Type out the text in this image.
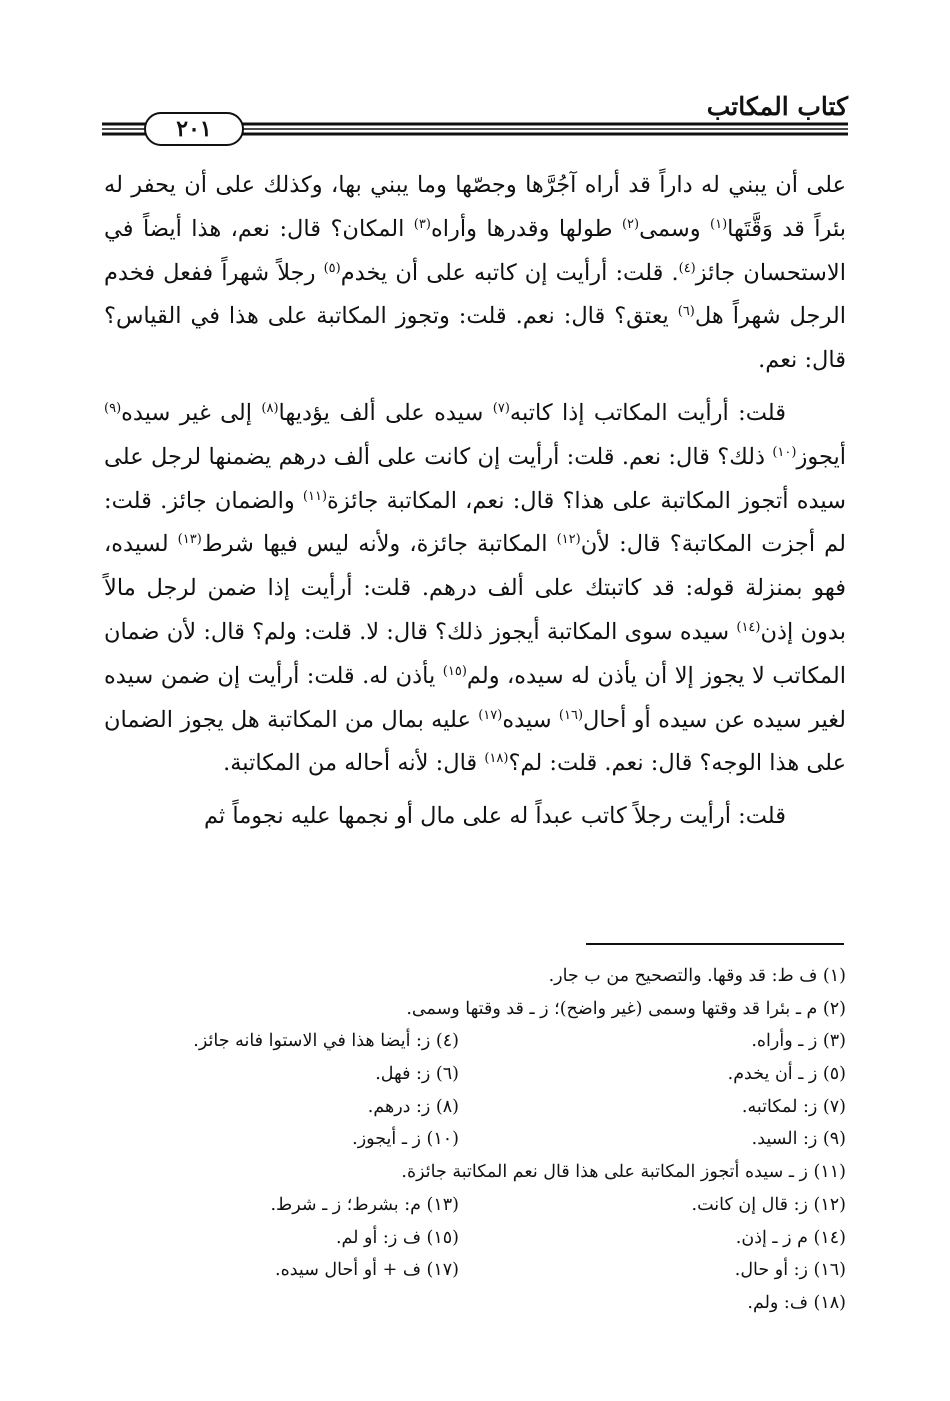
كتاب المكاتب
٢٠١

على أن يبني له داراً قد أراه آجُرَّها وجصّها وما يبني بها، وكذلك على أن يحفر له بئراً قد وَقَّتَها$^{(١)}$ وسمى$^{(٢)}$ طولها وقدرها وأراه$^{(٣)}$ المكان؟ قال: نعم، هذا أيضاً في الاستحسان جائز$^{(٤)}$. قلت: أرأيت إن كاتبه على أن يخدم$^{(٥)}$ رجلاً شهراً ففعل فخدم الرجل شهراً هل$^{(٦)}$ يعتق؟ قال: نعم. قلت: وتجوز المكاتبة على هذا في القياس؟ قال: نعم.

قلت: أرأيت المكاتب إذا كاتبه$^{(٧)}$ سيده على ألف يؤديها$^{(٨)}$ إلى غير سيده$^{(٩)}$ أيجوز$^{(١٠)}$ ذلك؟ قال: نعم. قلت: أرأيت إن كانت على ألف درهم يضمنها لرجل على سيده أتجوز المكاتبة على هذا؟ قال: نعم، المكاتبة جائزة$^{(١١)}$ والضمان جائز. قلت: لم أجزت المكاتبة؟ قال: لأن$^{(١٢)}$ المكاتبة جائزة، ولأنه ليس فيها شرط$^{(١٣)}$ لسيده، فهو بمنزلة قوله: قد كاتبتك على ألف درهم. قلت: أرأيت إذا ضمن لرجل مالاً بدون إذن$^{(١٤)}$ سيده سوى المكاتبة أيجوز ذلك؟ قال: لا. قلت: ولم؟ قال: لأن ضمان المكاتب لا يجوز إلا أن يأذن له سيده، ولم$^{(١٥)}$ يأذن له. قلت: أرأيت إن ضمن سيده لغير سيده عن سيده أو أحال$^{(١٦)}$ سيده$^{(١٧)}$ عليه بمال من المكاتبة هل يجوز الضمان على هذا الوجه؟ قال: نعم. قلت: لم؟$^{(١٨)}$ قال: لأنه أحاله من المكاتبة.

قلت: أرأيت رجلاً كاتب عبداً له على مال أو نجمها عليه نجوماً ثم

(١) ف ط: قد وقها. والتصحيح من ب جار.
(٢) م ـ بئرا قد وقتها وسمى (غير واضح)؛ ز ـ قد وقتها وسمى.
(٣) ز ـ وأراه.
(٤) ز: أيضا هذا في الاستوا فانه جائز.
(٥) ز ـ أن يخدم.
(٦) ز: فهل.
(٧) ز: لمكاتبه.
(٨) ز: درهم.
(٩) ز: السيد.
(١٠) ز ـ أيجوز.
(١١) ز ـ سيده أتجوز المكاتبة على هذا قال نعم المكاتبة جائزة.
(١٢) ز: قال إن كانت.
(١٣) م: بشرط؛ ز ـ شرط.
(١٤) م ز ـ إذن.
(١٥) ف ز: أو لم.
(١٦) ز: أو حال.
(١٧) ف + أو أحال سيده.
(١٨) ف: ولم.
